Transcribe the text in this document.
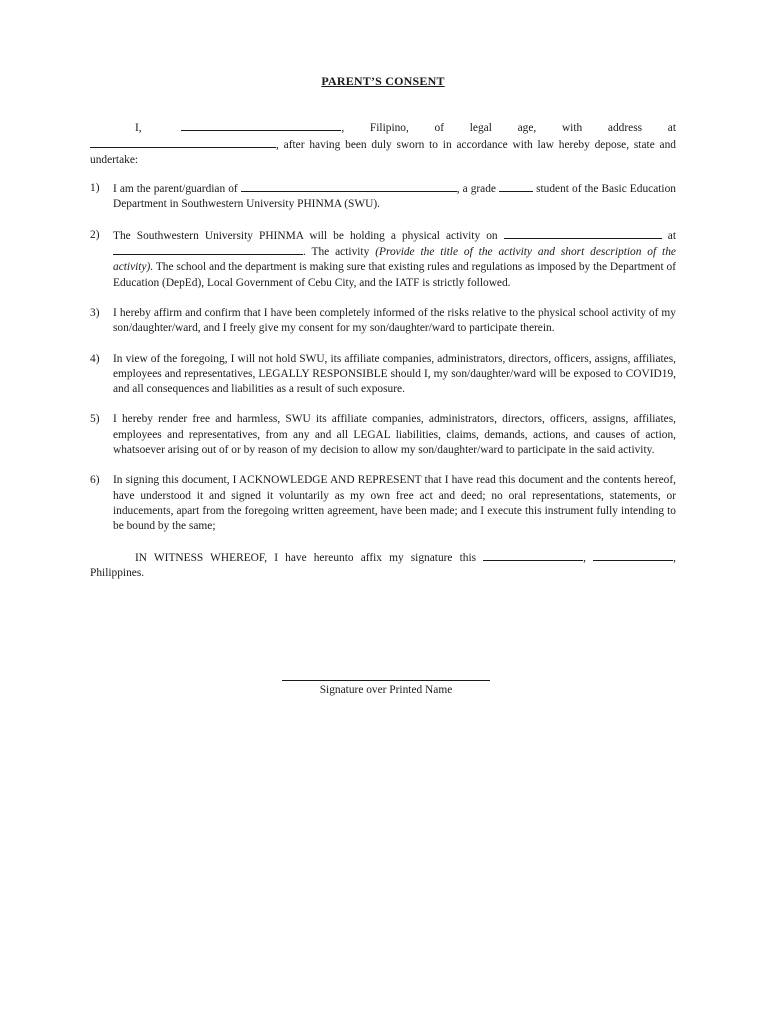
PARENT’S CONSENT

I,	, Filipino, of legal age, with address at , after having been duly sworn to in accordance with law hereby depose, state and undertake:

1)	I am the parent/guardian of	, a grade	student of the Basic Education Department in Southwestern University PHINMA (SWU).
2)	The Southwestern University PHINMA will be holding a physical activity on	at . The activity (Provide the title of the activity and short description of the activity). The school and the department is making sure that existing rules and regulations as imposed by the Department of Education (DepEd), Local Government of Cebu City, and the IATF is strictly followed.
3)	I hereby affirm and confirm that I have been completely informed of the risks relative to the physical school activity of my son/daughter/ward, and I freely give my consent for my son/daughter/ward to participate therein.
4)	In view of the foregoing, I will not hold SWU, its affiliate companies, administrators, directors, officers, assigns, affiliates, employees and representatives, LEGALLY RESPONSIBLE should I, my son/daughter/ward will be exposed to COVID19, and all consequences and liabilities as a result of such exposure.
5)	I hereby render free and harmless, SWU its affiliate companies, administrators, directors, officers, assigns, affiliates, employees and representatives, from any and all LEGAL liabilities, claims, demands, actions, and causes of action, whatsoever arising out of or by reason of my decision to allow my son/daughter/ward to participate in the said activity.
6)	In signing this document, I ACKNOWLEDGE AND REPRESENT that I have read this document and the contents hereof, have understood it and signed it voluntarily as my own free act and deed; no oral representations, statements, or inducements, apart from the foregoing written agreement, have been made; and I execute this instrument fully intending to be bound by the same;

IN WITNESS WHEREOF, I have hereunto affix my signature this	,	, Philippines.

Signature over Printed Name
